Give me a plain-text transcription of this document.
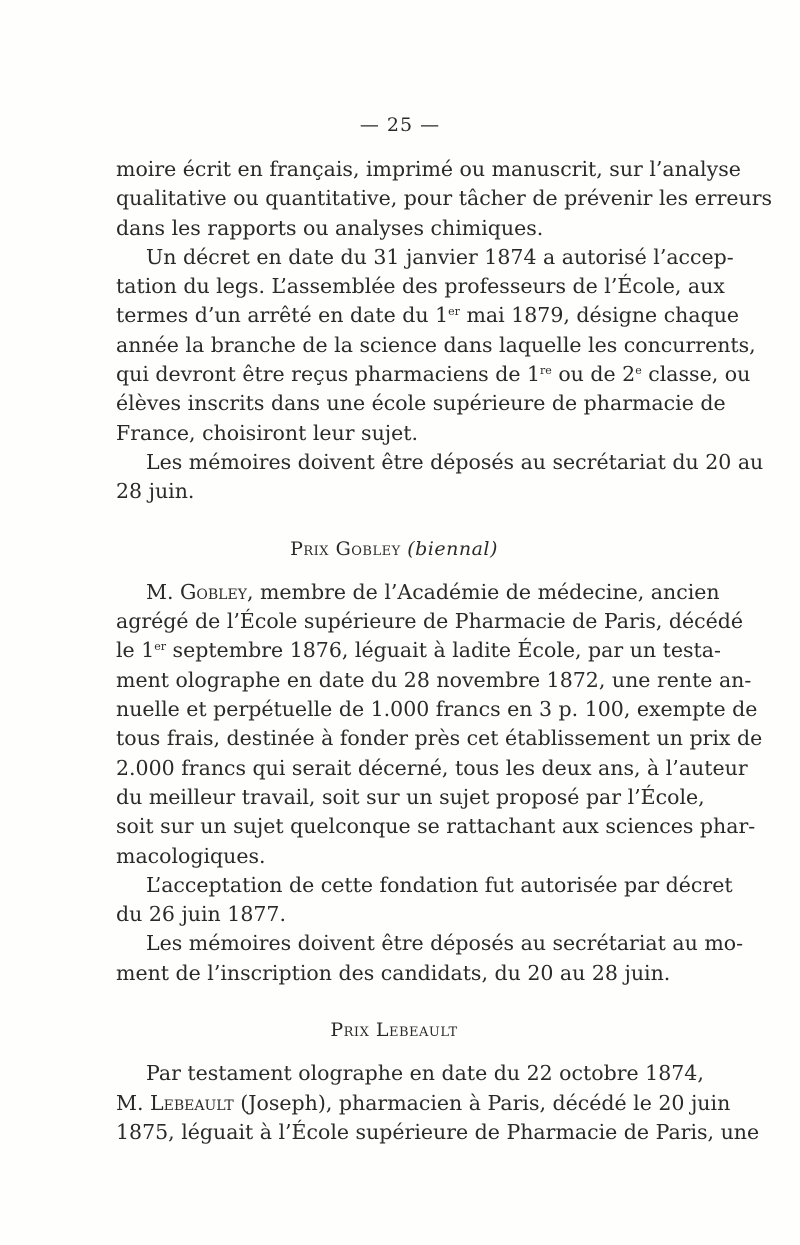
— 25 —
moire écrit en français, imprimé ou manuscrit, sur l’analyse
qualitative ou quantitative, pour tâcher de prévenir les erreurs
dans les rapports ou analyses chimiques.
Un décret en date du 31 janvier 1874 a autorisé l’accep-
tation du legs. L’assemblée des professeurs de l’École, aux
termes d’un arrêté en date du 1er mai 1879, désigne chaque
année la branche de la science dans laquelle les concurrents,
qui devront être reçus pharmaciens de 1re ou de 2e classe, ou
élèves inscrits dans une école supérieure de pharmacie de
France, choisiront leur sujet.
Les mémoires doivent être déposés au secrétariat du 20 au
28 juin.
Prix Gobley (biennal)
M. Gobley, membre de l’Académie de médecine, ancien
agrégé de l’École supérieure de Pharmacie de Paris, décédé
le 1er septembre 1876, léguait à ladite École, par un testa-
ment olographe en date du 28 novembre 1872, une rente an-
nuelle et perpétuelle de 1.000 francs en 3 p. 100, exempte de
tous frais, destinée à fonder près cet établissement un prix de
2.000 francs qui serait décerné, tous les deux ans, à l’auteur
du meilleur travail, soit sur un sujet proposé par l’École,
soit sur un sujet quelconque se rattachant aux sciences phar-
macologiques.
L’acceptation de cette fondation fut autorisée par décret
du 26 juin 1877.
Les mémoires doivent être déposés au secrétariat au mo-
ment de l’inscription des candidats, du 20 au 28 juin.
Prix Lebeault
Par testament olographe en date du 22 octobre 1874,
M. Lebeault (Joseph), pharmacien à Paris, décédé le 20 juin
1875, léguait à l’École supérieure de Pharmacie de Paris, une
